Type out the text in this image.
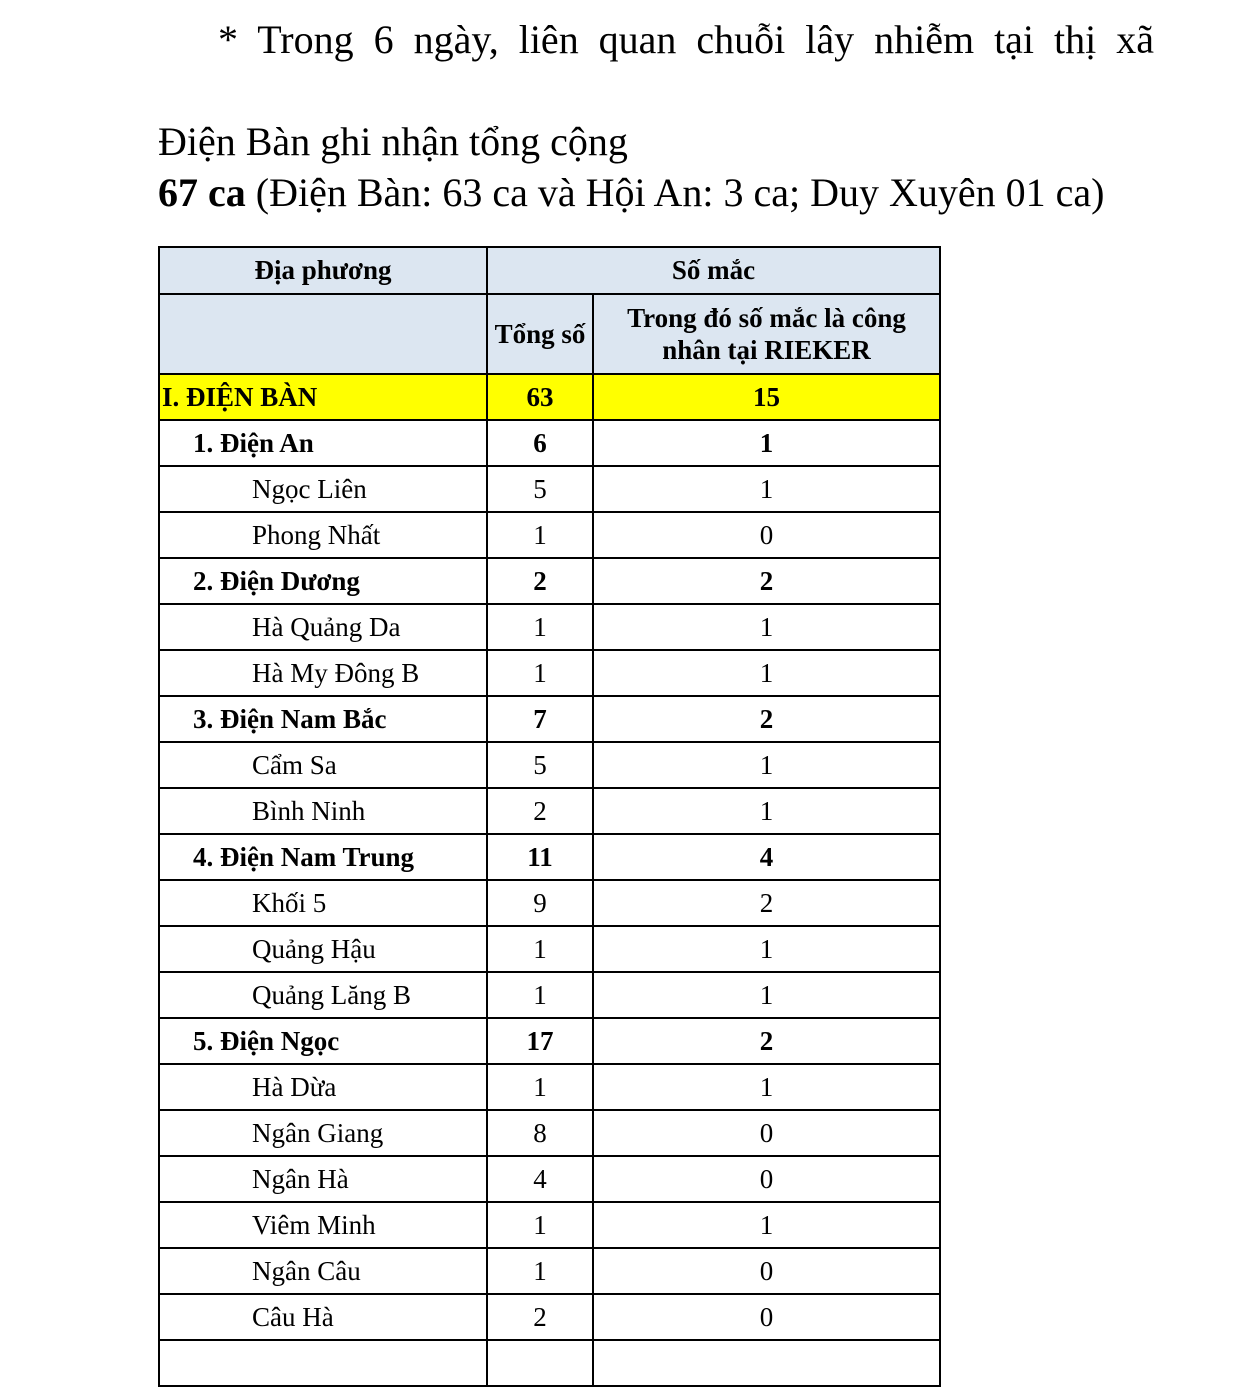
* Trong 6 ngày, liên quan chuỗi lây nhiễm tại thị xã

Điện Bàn ghi nhận tổng cộng

67 ca (Điện Bàn: 63 ca và Hội An: 3 ca; Duy Xuyên 01 ca)

Địa phương	Số mắc	
	Tổng số	Trong đó số mắc là công nhân tại RIEKER
I. ĐIỆN BÀN	63	15
1. Điện An	6	1
Ngọc Liên	5	1
Phong Nhất	1	0
2. Điện Dương	2	2
Hà Quảng Da	1	1
Hà My Đông B	1	1
3. Điện Nam Bắc	7	2
Cẩm Sa	5	1
Bình Ninh	2	1
4. Điện Nam Trung	11	4
Khối 5	9	2
Quảng Hậu	1	1
Quảng Lăng B	1	1
5. Điện Ngọc	17	2
Hà Dừa	1	1
Ngân Giang	8	0
Ngân Hà	4	0
Viêm Minh	1	1
Ngân Câu	1	0
Câu Hà	2	0
